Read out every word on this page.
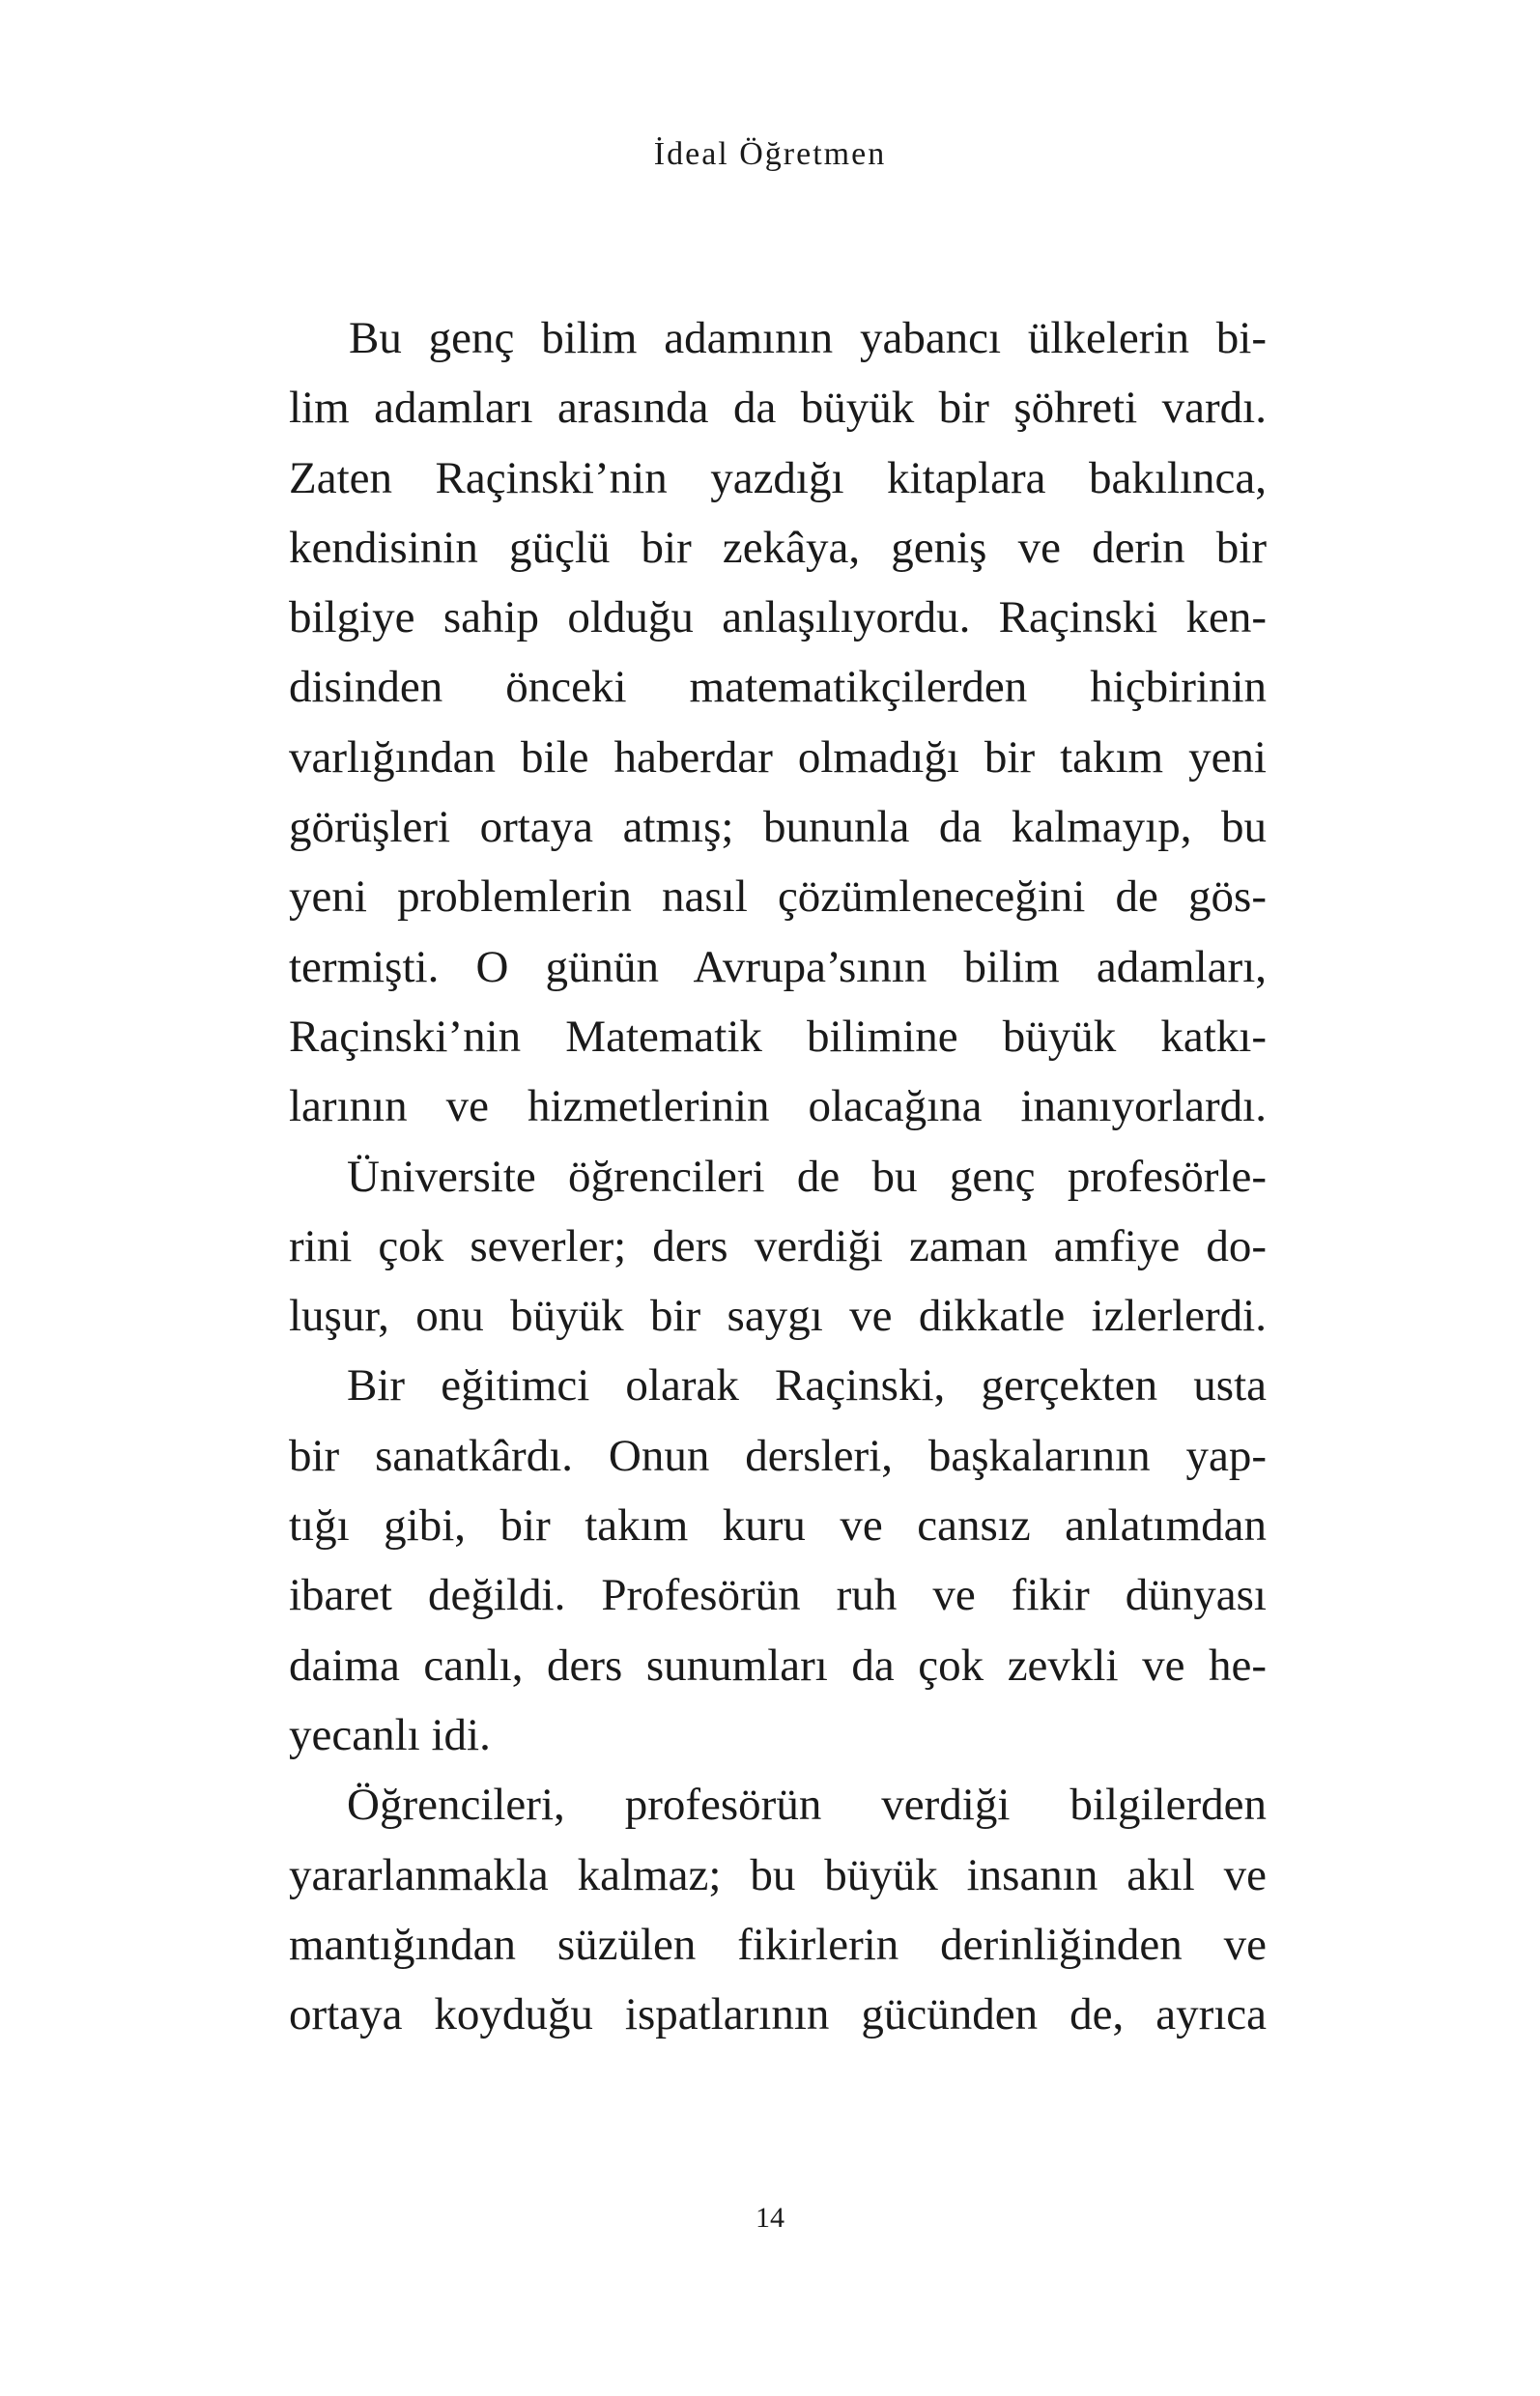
İdeal Öğretmen

Bu genç bilim adamının yabancı ülkelerin bi-
lim adamları arasında da büyük bir şöhreti vardı.
Zaten Raçinski’nin yazdığı kitaplara bakılınca,
kendisinin güçlü bir zekâya, geniş ve derin bir
bilgiye sahip olduğu anlaşılıyordu. Raçinski ken-
disinden önceki matematikçilerden hiçbirinin
varlığından bile haberdar olmadığı bir takım yeni
görüşleri ortaya atmış; bununla da kalmayıp, bu
yeni problemlerin nasıl çözümleneceğini de gös-
termişti. O günün Avrupa’sının bilim adamları,
Raçinski’nin Matematik bilimine büyük katkı-
larının ve hizmetlerinin olacağına inanıyorlardı.

Üniversite öğrencileri de bu genç profesörle-
rini çok severler; ders verdiği zaman amfiye do-
luşur, onu büyük bir saygı ve dikkatle izlerlerdi.

Bir eğitimci olarak Raçinski, gerçekten usta
bir sanatkârdı. Onun dersleri, başkalarının yap-
tığı gibi, bir takım kuru ve cansız anlatımdan
ibaret değildi. Profesörün ruh ve fikir dünyası
daima canlı, ders sunumları da çok zevkli ve he-
yecanlı idi.

Öğrencileri, profesörün verdiği bilgilerden
yararlanmakla kalmaz; bu büyük insanın akıl ve
mantığından süzülen fikirlerin derinliğinden ve
ortaya koyduğu ispatlarının gücünden de, ayrıca

14
